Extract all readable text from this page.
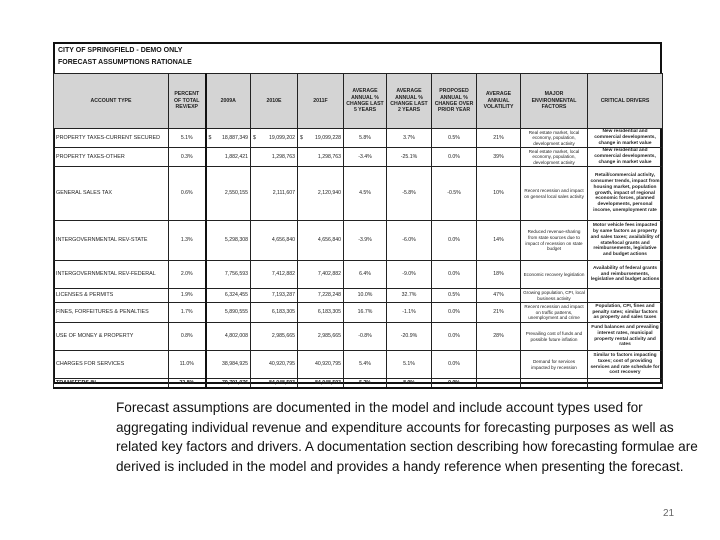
CITY OF SPRINGFIELD - DEMO ONLY
FORECAST ASSUMPTIONS RATIONALE
ACCOUNT TYPE	PERCENT OF TOTAL REV/EXP	2009A	2010E	2011F	AVERAGE ANNUAL % CHANGE LAST 5 YEARS	AVERAGE ANNUAL % CHANGE LAST 2 YEARS	PROPOSED ANNUAL % CHANGE OVER PRIOR YEAR	AVERAGE ANNUAL VOLATILITY	MAJOR ENVIRONMENTAL FACTORS	CRITICAL DRIVERS
PROPERTY TAXES-CURRENT SECURED	5.1%	$ 18,887,349	$ 19,099,202	$ 19,099,228	5.8%	3.7%	0.5%	21%	Real estate market, local economy, population, development activity	New residential and commercial developments, change in market value
PROPERTY TAXES-OTHER	0.3%	1,882,421	1,298,763	1,298,763	-3.4%	-25.1%	0.0%	39%	Real estate market, local economy, population, development activity	New residential and commercial developments, change in market value
GENERAL SALES TAX	0.6%	2,550,155	2,111,607	2,120,940	4.5%	-5.8%	-0.5%	10%	Recent recession and impact on general local sales activity	Retail/commercial activity, consumer trends, impact from housing market, population growth, impact of regional economic forces, planned developments, personal income, unemployment rate
INTERGOVERNMENTAL REV-STATE	1.3%	5,298,308	4,656,840	4,656,840	-3.9%	-6.0%	0.0%	14%	Reduced revenue-sharing from state sources due to impact of recession on state budget	Motor vehicle fees impacted by same factors as property and sales taxes; availability of state/local grants and reimbursements, legislative and budget actions
INTERGOVERNMENTAL REV-FEDERAL	2.0%	7,756,593	7,412,882	7,402,882	6.4%	-9.0%	0.0%	18%	Economic recovery legislation	Availability of federal grants and reimbursements, legislative and budget actions
LICENSES & PERMITS	1.9%	6,324,455	7,193,287	7,228,248	10.0%	32.7%	0.5%	47%	Growing population, CPI, local business activity	
FINES, FORFEITURES & PENALTIES	1.7%	5,890,555	6,183,305	6,183,305	16.7%	-1.1%	0.0%	21%	Recent recession and impact on traffic patterns, unemployment and crime	Population, CPI, fines and penalty rates; similar factors as property and sales taxes
USE OF MONEY & PROPERTY	0.8%	4,802,008	2,985,665	2,985,665	-0.8%	-20.9%	0.0%	28%	Prevailing cost of funds and possible future inflation	Fund balances and prevailing interest rates, municipal property rental activity and rates
CHARGES FOR SERVICES	11.0%	38,984,925	40,920,795	40,920,795	5.4%	5.1%	0.0%		Demand for services impacted by recession	Similar to factors impacting taxes; cost of providing services and rate schedule for cost recovery
TRANSFERS IN	22.8%	79,791,076	84,048,593	84,048,593	5.2%	8.0%	0.0%			
Forecast assumptions are documented in the model and include account types used for aggregating individual revenue and expenditure accounts for forecasting purposes as well as related key factors and drivers. A documentation section describing how forecasting formulae are derived is included in the model and provides a handy reference when presenting the forecast.
21
